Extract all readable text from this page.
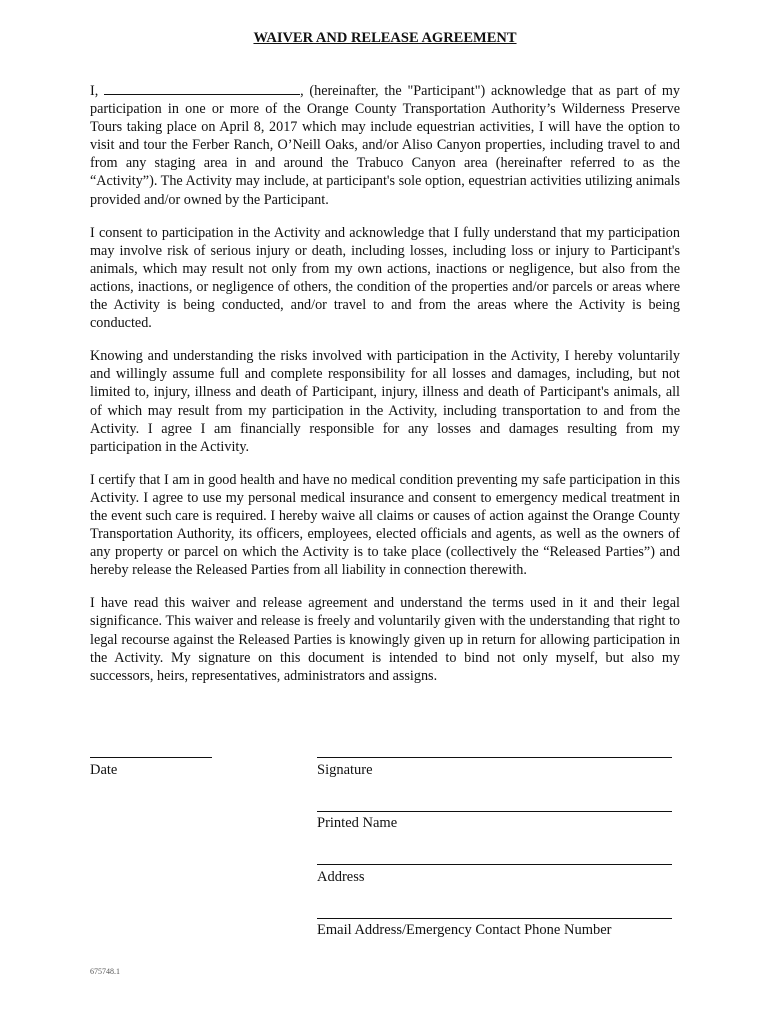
WAIVER AND RELEASE AGREEMENT

I,	, (hereinafter, the "Participant") acknowledge that as part of my participation in one or more of the Orange County Transportation Authority’s Wilderness Preserve Tours taking place on April 8, 2017 which may include equestrian activities, I will have the option to visit and tour the Ferber Ranch, O’Neill Oaks, and/or Aliso Canyon properties, including travel to and from any staging area in and around the Trabuco Canyon area (hereinafter referred to as the “Activity”). The Activity may include, at participant's sole option, equestrian activities utilizing animals provided and/or owned by the Participant.

I consent to participation in the Activity and acknowledge that I fully understand that my participation may involve risk of serious injury or death, including losses, including loss or injury to Participant's animals, which may result not only from my own actions, inactions or negligence, but also from the actions, inactions, or negligence of others, the condition of the properties and/or parcels or areas where the Activity is being conducted, and/or travel to and from the areas where the Activity is being conducted.

Knowing and understanding the risks involved with participation in the Activity, I hereby voluntarily and willingly assume full and complete responsibility for all losses and damages, including, but not limited to, injury, illness and death of Participant, injury, illness and death of Participant's animals, all of which may result from my participation in the Activity, including transportation to and from the Activity. I agree I am financially responsible for any losses and damages resulting from my participation in the Activity.

I certify that I am in good health and have no medical condition preventing my safe participation in this Activity. I agree to use my personal medical insurance and consent to emergency medical treatment in the event such care is required. I hereby waive all claims or causes of action against the Orange County Transportation Authority, its officers, employees, elected officials and agents, as well as the owners of any property or parcel on which the Activity is to take place (collectively the “Released Parties”) and hereby release the Released Parties from all liability in connection therewith.

I have read this waiver and release agreement and understand the terms used in it and their legal significance. This waiver and release is freely and voluntarily given with the understanding that right to legal recourse against the Released Parties is knowingly given up in return for allowing participation in the Activity. My signature on this document is intended to bind not only myself, but also my successors, heirs, representatives, administrators and assigns.

Date	Signature
Printed Name
Address
Email Address/Emergency Contact Phone Number
675748.1
